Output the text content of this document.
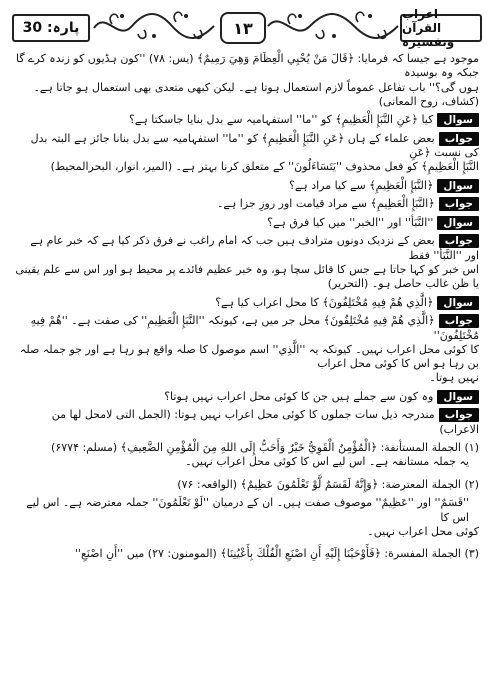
پارہ: 30	۱۳
اعراب القرآن وتفسیرہ

موجود ہے جیسا کہ فرمایا: ﴿قَالَ مَنْ يُحْيِي الْعِظَامَ وَهِيَ رَمِيمٌ﴾ (یس: ۷۸) ''کون ہڈیوں کو زندہ کرے گا جبکہ وہ بوسیدہ

ہوں گی؟'' باب تفاعل عموماً لازم استعمال ہوتا ہے۔ لیکن کبھی متعدی بھی استعمال ہو جاتا ہے۔ (کشاف، روح المعانی)

سوالکیا ﴿عَنِ النَّبَإِ الْعَظِيمِ﴾ کو ''ما'' استفہامیہ سے بدل بنایا جاسکتا ہے؟

جواببعض علماء کے ہاں ﴿عَنِ النَّبَإِ الْعَظِيمِ﴾ کو ''ما'' استفہامیہ سے بدل بنانا جائز ہے البتہ بدل کی نسبت ﴿عَنِ

النَّبَإِ الْعَظِيمِ﴾ کو فعل محذوف ''يَتَسَاءَلُونَ'' کے متعلق کرنا بہتر ہے۔ (المیر، انوار، البحرالمحیط)

سوال﴿النَّبَإِ الْعَظِيمِ﴾ سے کیا مراد ہے؟

جواب﴿النَّبَإِ الْعَظِيمِ﴾ سے مراد قیامت اور روزِ جزا ہے۔

سوال''النَّبَأ'' اور ''الخبر'' میں کیا فرق ہے؟

جواببعض کے نزدیک دونوں مترادف ہیں جب کہ امام راغب نے فرق ذکر کیا ہے کہ خبر عام ہے اور ''النَّبَأ'' فقط

اس خبر کو کہا جاتا ہے جس کا قائل سچا ہو، وہ خبر عظیم فائدے پر محیط ہو اور اس سے علم یقینی یا ظن غالب حاصل ہو۔ (التحریر)

سوال﴿الَّذِي هُمْ فِيهِ مُخْتَلِفُونَ﴾ کا محل اعراب کیا ہے؟

جواب﴿الَّذِي هُمْ فِيهِ مُخْتَلِفُونَ﴾ محل جر میں ہے، کیونکہ ''النَّبَإِ الْعَظِيمِ'' کی صفت ہے۔ ''هُمْ فِيهِ مُخْتَلِفُونَ''

کا کوئی محل اعراب نہیں۔ کیونکہ یہ ''الَّذِي'' اسم موصول کا صلہ واقع ہو رہا ہے اور جو جملہ صلہ بن رہا ہو اس کا کوئی محل اعراب

نہیں ہوتا۔

سوالوہ کون سے جملے ہیں جن کا کوئی محل اعراب نہیں ہوتا؟

جوابمندرجہ ذیل سات جملوں کا کوئی محل اعراب نہیں ہوتا: (الجمل التی لامحل لھا من الاعراب)

(۱) الجملة المستأنفة: ﴿الْمُؤْمِنُ الْقَوِيُّ خَيْرٌ وَأَحَبُّ إِلَى اللهِ مِنَ الْمُؤْمِنِ الضَّعِيفِ﴾ (مسلم: ۶۷۷۴)

یہ جملہ مستانفہ ہے۔ اس لیے اس کا کوئی محل اعراب نہیں۔

(۲) الجملة المعترضة: ﴿وَإِنَّهُ لَقَسَمٌ لَّوْ تَعْلَمُونَ عَظِيمٌ﴾ (الواقعہ: ۷۶)

''قَسَمٌ'' اور ''عَظِيمٌ'' موصوف صفت ہیں۔ ان کے درمیان ''لَوْ تَعْلَمُونَ'' جملہ معترضہ ہے۔ اس لیے اس کا

کوئی محل اعراب نہیں۔

(۳) الجملة المفسرة: ﴿فَأَوْحَيْنَا إِلَيْهِ أَنِ اصْنَعِ الْفُلْكَ بِأَعْيُنِنَا﴾ (المومنون: ۲۷) میں ''أَنِ اصْنَعِ''
